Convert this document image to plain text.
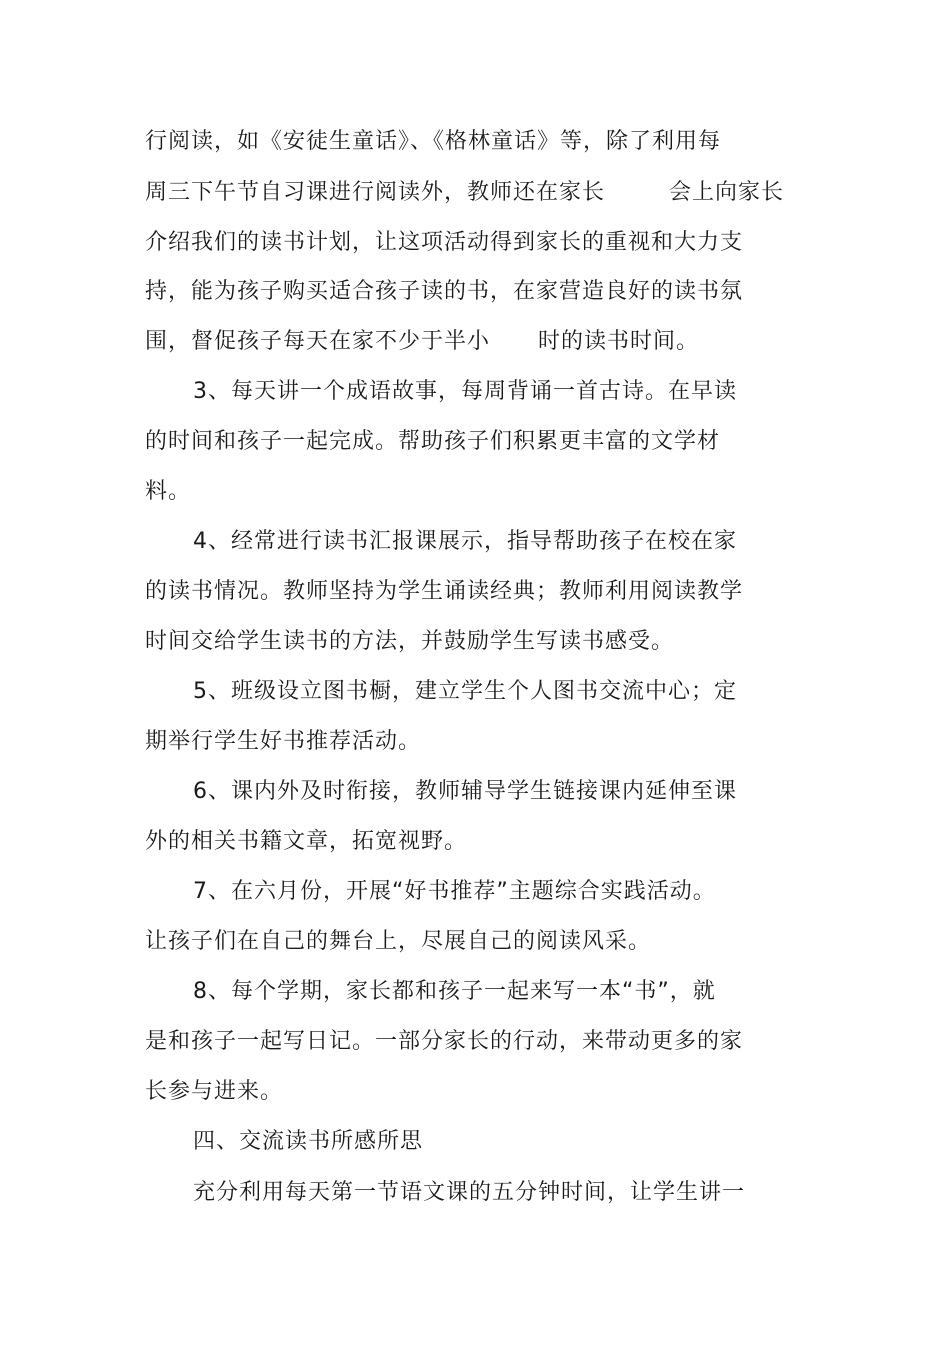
行阅读，如《安徒生童话》、《格林童话》等，除了利用每
周三下午节自习课进行阅读外，教师还在家长        会上向家长
介绍我们的读书计划，让这项活动得到家长的重视和大力支
持，能为孩子购买适合孩子读的书，在家营造良好的读书氛
围，督促孩子每天在家不少于半小      时的读书时间。
3、每天讲一个成语故事，每周背诵一首古诗。在早读
的时间和孩子一起完成。帮助孩子们积累更丰富的文学材
料。
4、经常进行读书汇报课展示，指导帮助孩子在校在家
的读书情况。教师坚持为学生诵读经典；教师利用阅读教学
时间交给学生读书的方法，并鼓励学生写读书感受。
5、班级设立图书橱，建立学生个人图书交流中心；定
期举行学生好书推荐活动。
6、课内外及时衔接，教师辅导学生链接课内延伸至课
外的相关书籍文章，拓宽视野。
7、在六月份，开展“好书推荐”主题综合实践活动。
让孩子们在自己的舞台上，尽展自己的阅读风采。
8、每个学期，家长都和孩子一起来写一本“书”，就
是和孩子一起写日记。一部分家长的行动，来带动更多的家
长参与进来。
四、交流读书所感所思
充分利用每天第一节语文课的五分钟时间，让学生讲一
